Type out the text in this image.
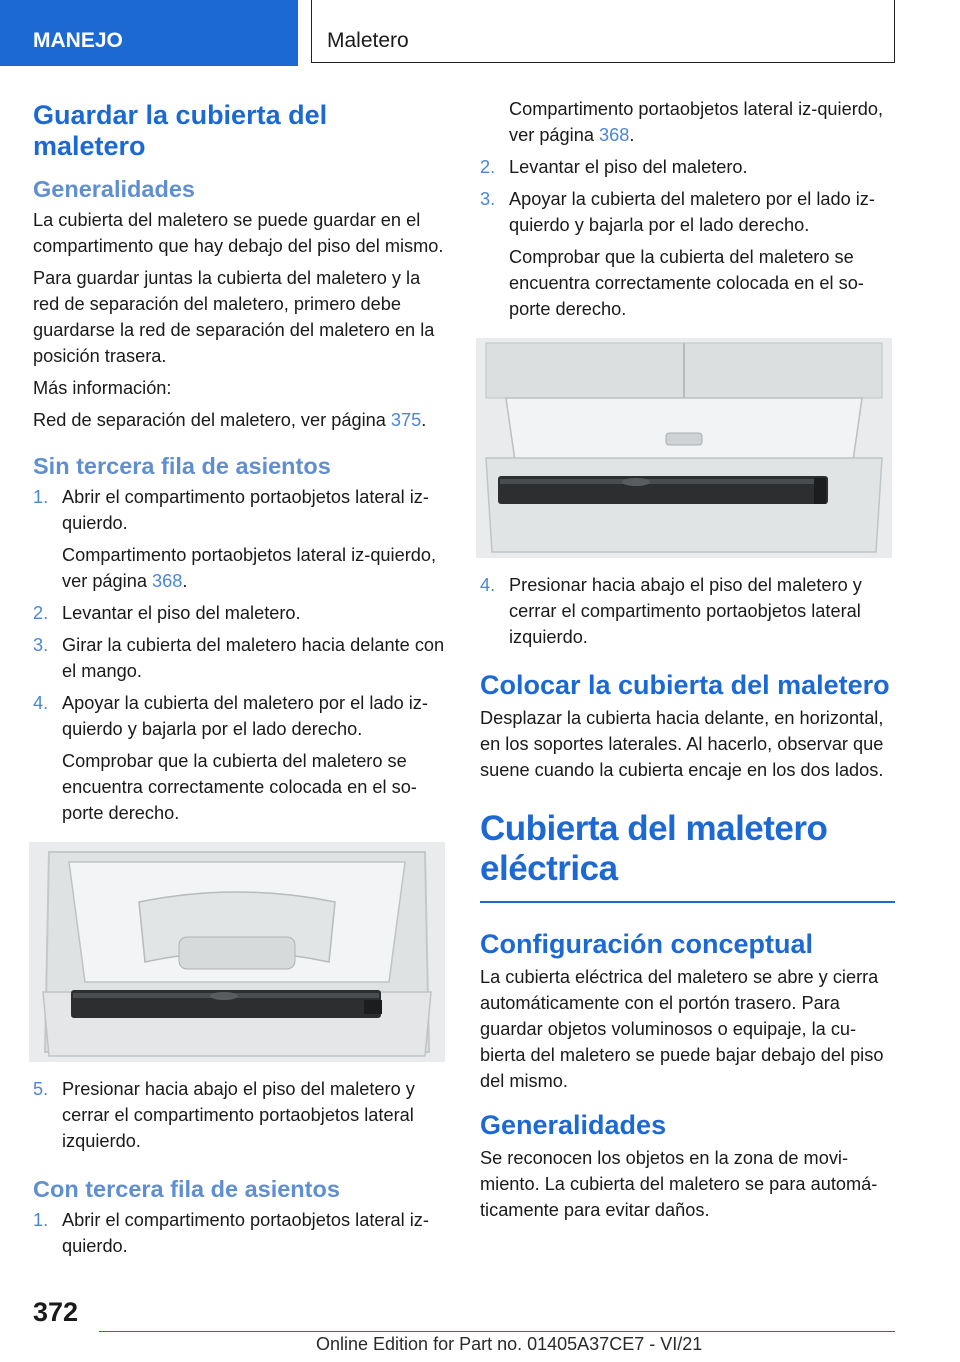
MANEJO	Maletero
Guardar la cubierta del maletero
Generalidades

La cubierta del maletero se puede guardar en el compartimento que hay debajo del piso del mismo.

Para guardar juntas la cubierta del maletero y la red de separación del maletero, primero debe guardarse la red de separación del maletero en la posición trasera.

Más información:

Red de separación del maletero, ver página 375.

Sin tercera fila de asientos
1. Abrir el compartimento portaobjetos lateral iz-quierdo.

Compartimento portaobjetos lateral iz-quierdo, ver página 368.

2. Levantar el piso del maletero.
3. Girar la cubierta del maletero hacia delante con el mango.
4. Apoyar la cubierta del maletero por el lado iz-quierdo y bajarla por el lado derecho.

Comprobar que la cubierta del maletero se encuentra correctamente colocada en el so-porte derecho.

5. Presionar hacia abajo el piso del maletero y cerrar el compartimento portaobjetos lateral izquierdo.
Con tercera fila de asientos
1. Abrir el compartimento portaobjetos lateral iz-quierdo.

Compartimento portaobjetos lateral iz-quierdo, ver página 368.

2. Levantar el piso del maletero.
3. Apoyar la cubierta del maletero por el lado iz-quierdo y bajarla por el lado derecho.

Comprobar que la cubierta del maletero se encuentra correctamente colocada en el so-porte derecho.

4. Presionar hacia abajo el piso del maletero y cerrar el compartimento portaobjetos lateral izquierdo.
Colocar la cubierta del maletero

Desplazar la cubierta hacia delante, en horizontal, en los soportes laterales. Al hacerlo, observar que suene cuando la cubierta encaje en los dos lados.

Cubierta del maletero
eléctrica
Configuración conceptual

La cubierta eléctrica del maletero se abre y cierra automáticamente con el portón trasero. Para guardar objetos voluminosos o equipaje, la cu-bierta del maletero se puede bajar debajo del piso del mismo.

Generalidades

Se reconocen los objetos en la zona de movi-miento. La cubierta del maletero se para automá-ticamente para evitar daños.

372
Online Edition for Part no. 01405A37CE7 - VI/21
